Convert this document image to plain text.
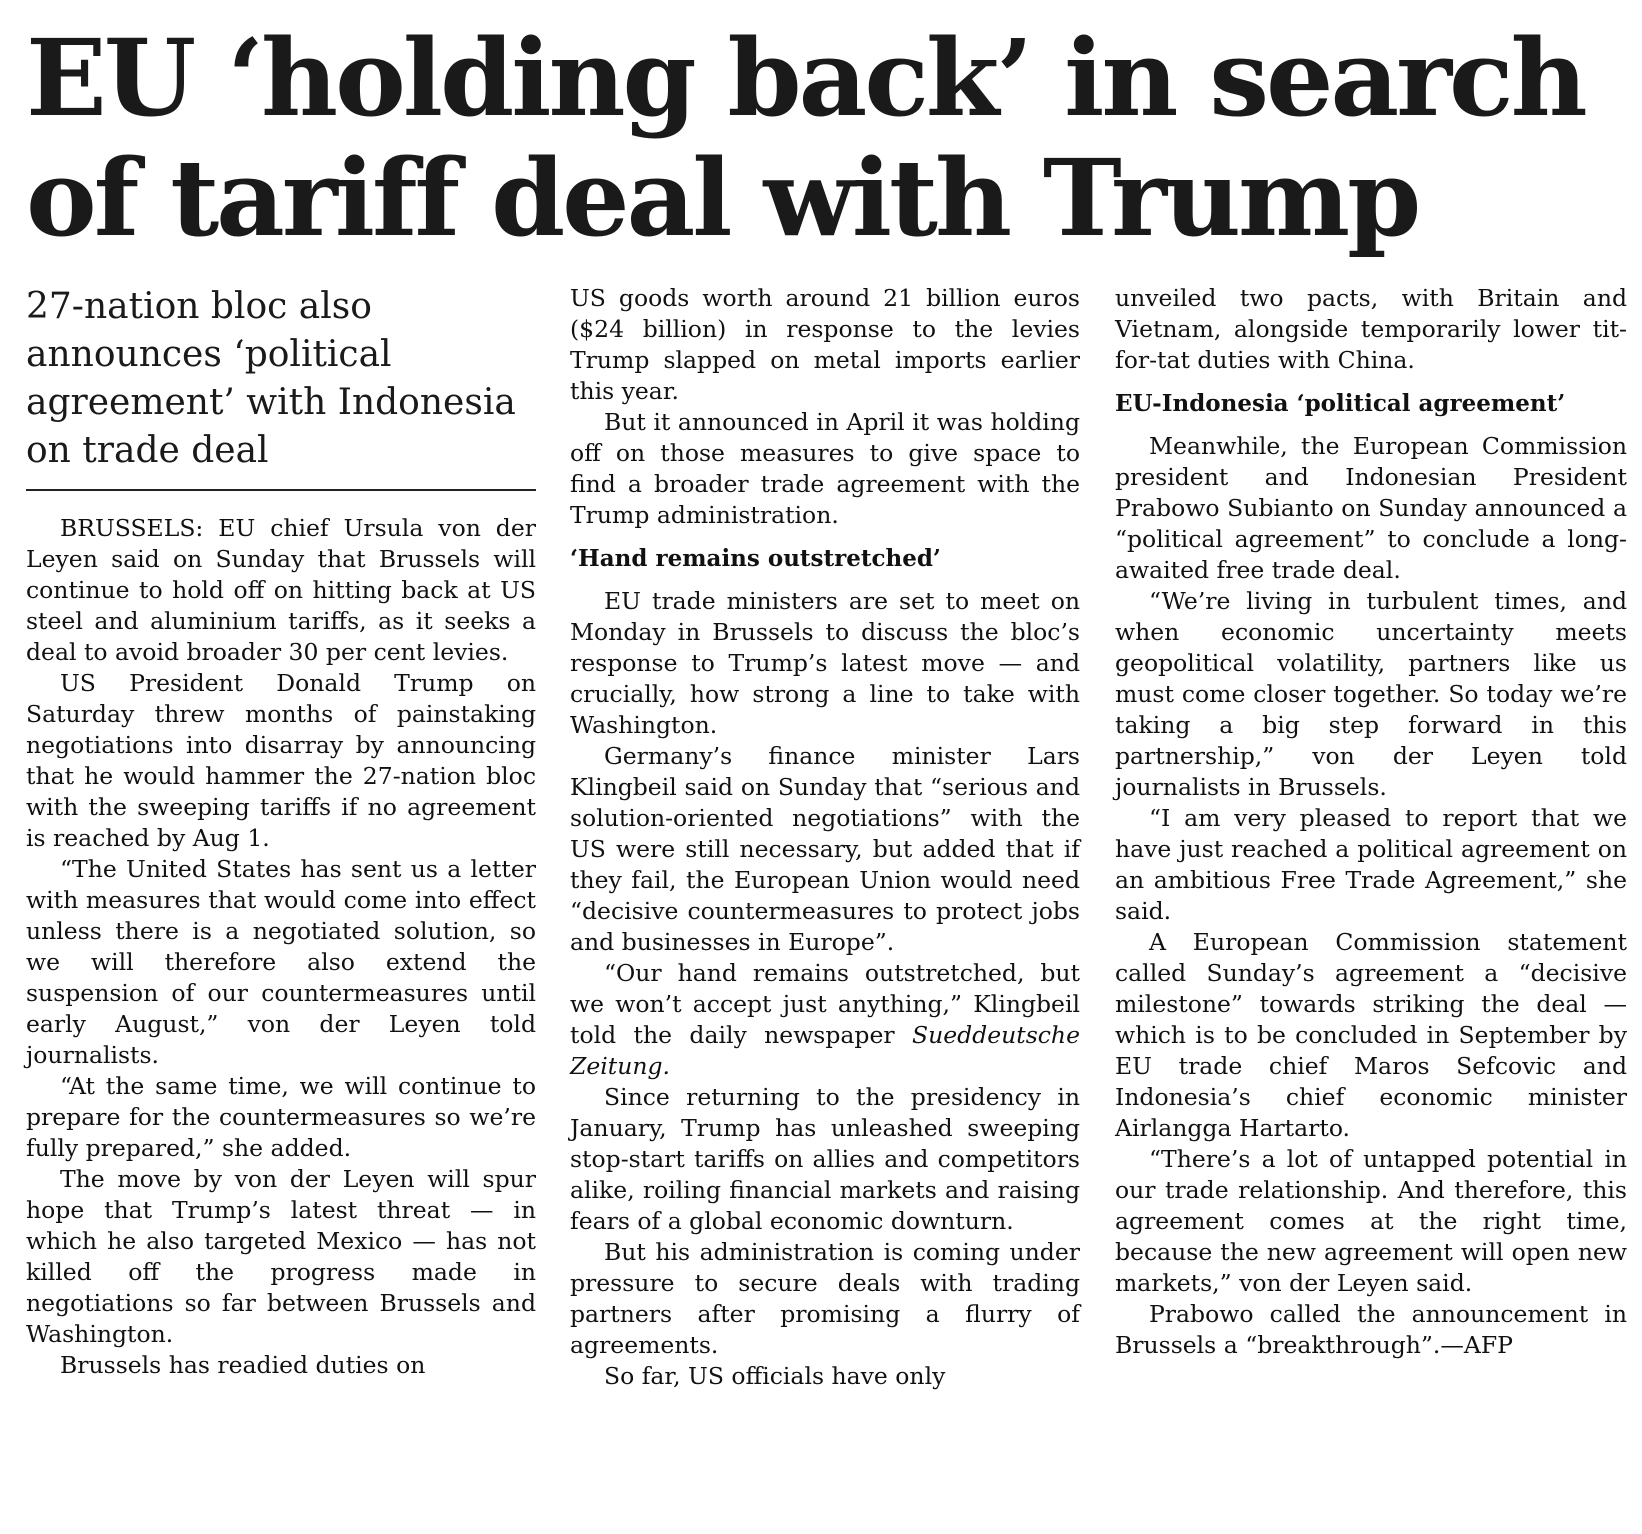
EU ‘holding back’ in search of tariff deal with Trump
27-nation bloc also announces ‘political agreement’ with Indonesia on trade deal

BRUSSELS: EU chief Ursula von der Leyen said on Sunday that Brussels will continue to hold off on hitting back at US steel and aluminium tariffs, as it seeks a deal to avoid broader 30 per cent levies.

US President Donald Trump on Saturday threw months of painstaking negotiations into disarray by announcing that he would hammer the 27-nation bloc with the sweeping tariffs if no agreement is reached by Aug 1.

“The United States has sent us a letter with measures that would come into effect unless there is a negotiated solution, so we will therefore also extend the suspension of our countermeasures until early August,” von der Leyen told journalists.

“At the same time, we will continue to prepare for the countermeasures so we’re fully prepared,” she added.

The move by von der Leyen will spur hope that Trump’s latest threat — in which he also targeted Mexico — has not killed off the progress made in negotiations so far between Brussels and Washington.

Brussels has readied duties on

US goods worth around 21 billion euros ($24 billion) in response to the levies Trump slapped on metal imports earlier this year.

But it announced in April it was holding off on those measures to give space to find a broader trade agreement with the Trump administration.

‘Hand remains outstretched’

EU trade ministers are set to meet on Monday in Brussels to discuss the bloc’s response to Trump’s latest move — and crucially, how strong a line to take with Washington.

Germany’s finance minister Lars Klingbeil said on Sunday that “serious and solution-oriented negotiations” with the US were still necessary, but added that if they fail, the European Union would need “decisive countermeasures to protect jobs and businesses in Europe”.

“Our hand remains outstretched, but we won’t accept just anything,” Klingbeil told the daily newspaper Sueddeutsche Zeitung.

Since returning to the presidency in January, Trump has unleashed sweeping stop-start tariffs on allies and competitors alike, roiling financial markets and raising fears of a global economic downturn.

But his administration is coming under pressure to secure deals with trading partners after promising a flurry of agreements.

So far, US officials have only

unveiled two pacts, with Britain and Vietnam, alongside temporarily lower tit-for-tat duties with China.

EU-Indonesia ‘political agreement’

Meanwhile, the European Commission president and Indonesian President Prabowo Subianto on Sunday announced a “political agreement” to conclude a long-awaited free trade deal.

“We’re living in turbulent times, and when economic uncertainty meets geopolitical volatility, partners like us must come closer together. So today we’re taking a big step forward in this partnership,” von der Leyen told journalists in Brussels.

“I am very pleased to report that we have just reached a political agreement on an ambitious Free Trade Agreement,” she said.

A European Commission statement called Sunday’s agreement a “decisive milestone” towards striking the deal — which is to be concluded in September by EU trade chief Maros Sefcovic and Indonesia’s chief economic minister Airlangga Hartarto.

“There’s a lot of untapped potential in our trade relationship. And therefore, this agreement comes at the right time, because the new agreement will open new markets,” von der Leyen said.

Prabowo called the announcement in Brussels a “breakthrough”.—AFP
